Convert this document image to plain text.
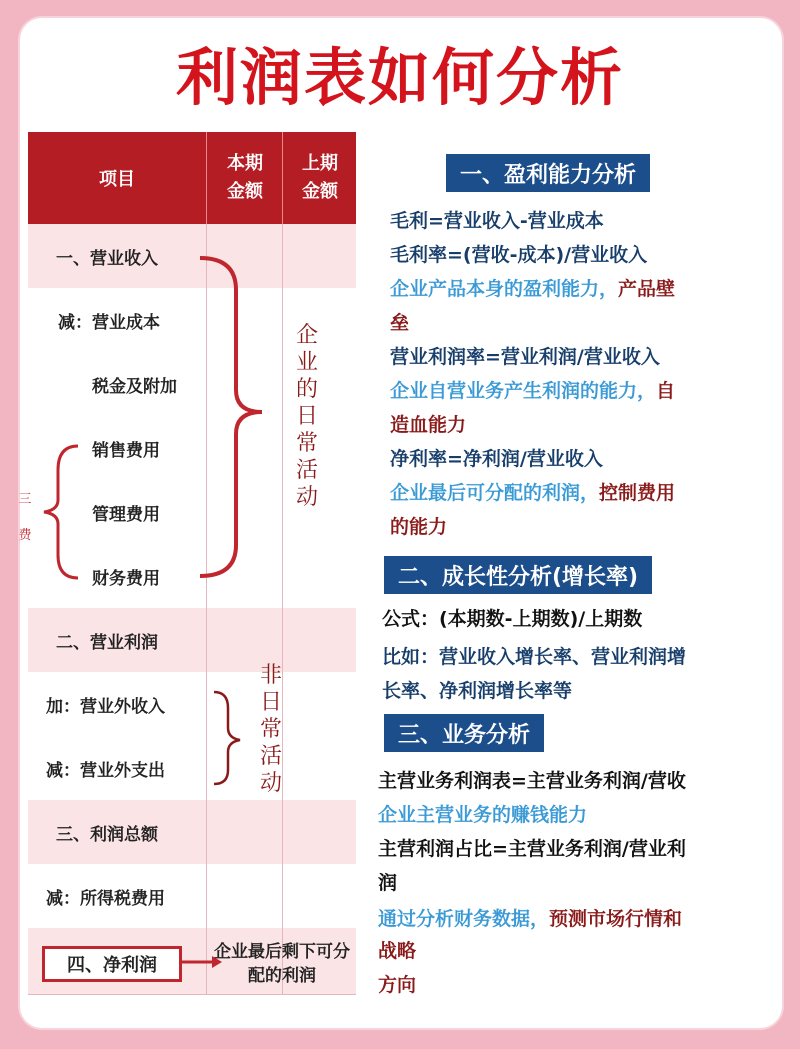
利润表如何分析
项目
本期
金额
上期
金额
一、营业收入
减：营业成本
税金及附加
销售费用
管理费用
财务费用
二、营业利润
加：营业外收入
减：营业外支出
三、利润总额
减：所得税费用
企业的日常活动
非日常活动
三费
四、净利润
企业最后剩下可分配的利润
一、盈利能力分析
毛利=营业收入-营业成本
毛利率=(营收-成本)/营业收入
企业产品本身的盈利能力，产品壁
垒
营业利润率=营业利润/营业收入
企业自营业务产生利润的能力，自
造血能力
净利率=净利润/营业收入
企业最后可分配的利润，控制费用
的能力
二、成长性分析(增长率)
公式：(本期数-上期数)/上期数
比如：营业收入增长率、营业利润增
长率、净利润增长率等
三、业务分析
主营业务利润表=主营业务利润/营收
企业主营业务的赚钱能力
主营利润占比=主营业务利润/营业利
润
通过分析财务数据，预测市场行情和
战略
方向
